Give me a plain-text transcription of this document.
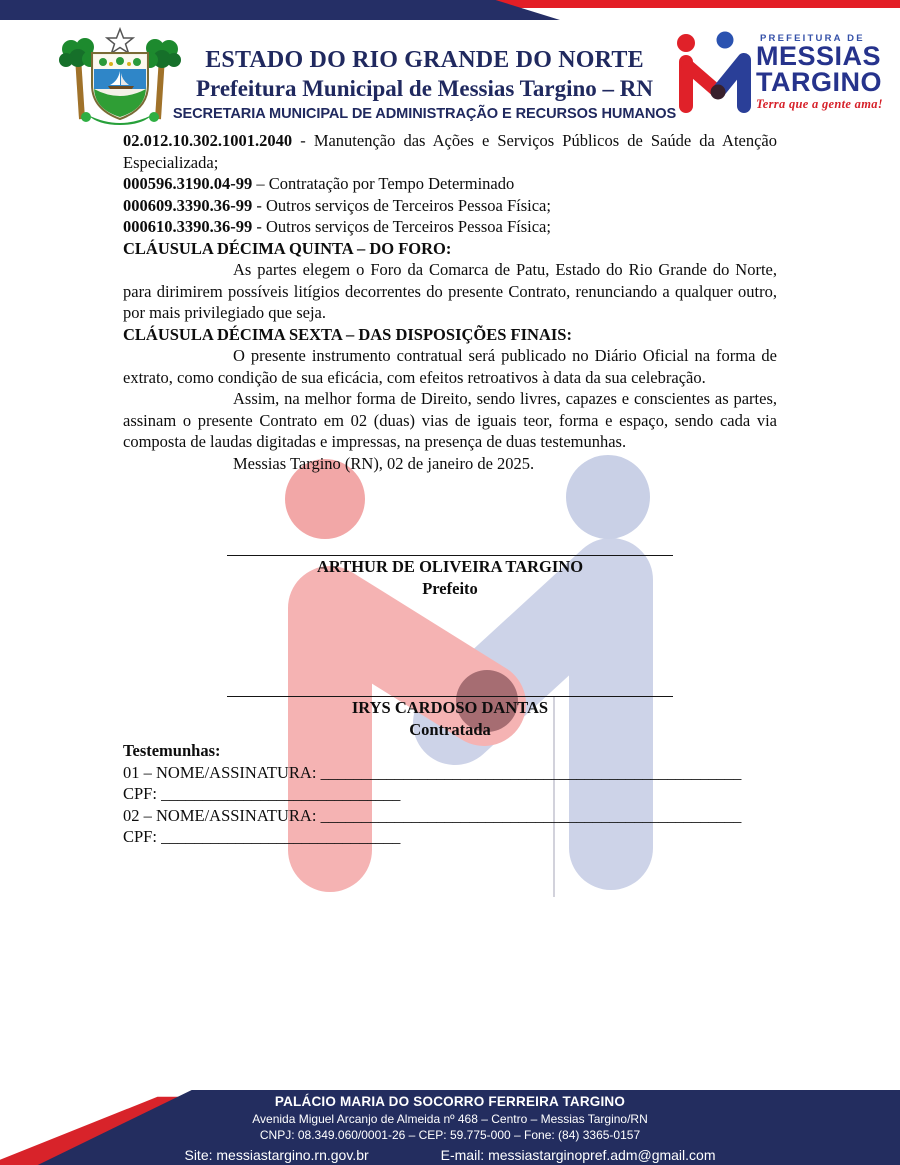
ESTADO DO RIO GRANDE DO NORTE
Prefeitura Municipal de Messias Targino – RN
SECRETARIA MUNICIPAL DE ADMINISTRAÇÃO E RECURSOS HUMANOS
PREFEITURA DE
MESSIAS
TARGINO
Terra que a gente ama!

02.012.10.302.1001.2040 - Manutenção das Ações e Serviços Públicos de Saúde da Atenção Especializada;

000596.3190.04-99 – Contratação por Tempo Determinado

000609.3390.36-99 - Outros serviços de Terceiros Pessoa Física;

000610.3390.36-99 - Outros serviços de Terceiros Pessoa Física;

CLÁUSULA DÉCIMA QUINTA – DO FORO:

As partes elegem o Foro da Comarca de Patu, Estado do Rio Grande do Norte, para dirimirem possíveis litígios decorrentes do presente Contrato, renunciando a qualquer outro, por mais privilegiado que seja.

CLÁUSULA DÉCIMA SEXTA – DAS DISPOSIÇÕES FINAIS:

O presente instrumento contratual será publicado no Diário Oficial na forma de extrato, como condição de sua eficácia, com efeitos retroativos à data da sua celebração.

Assim, na melhor forma de Direito, sendo livres, capazes e conscientes as partes, assinam o presente Contrato em 02 (duas) vias de iguais teor, forma e espaço, sendo cada via composta de laudas digitadas e impressas, na presença de duas testemunhas.

Messias Targino (RN), 02 de janeiro de 2025.

ARTHUR DE OLIVEIRA TARGINO

Prefeito

IRYS CARDOSO DANTAS

Contratada

Testemunhas:

01 – NOME/ASSINATURA: ___________________________________________________

CPF: _____________________________

02 – NOME/ASSINATURA: ___________________________________________________

CPF: _____________________________

PALÁCIO MARIA DO SOCORRO FERREIRA TARGINO
Avenida Miguel Arcanjo de Almeida nº 468 – Centro – Messias Targino/RN
CNPJ: 08.349.060/0001-26 – CEP: 59.775-000 – Fone: (84) 3365-0157
Site: messiastargino.rn.gov.br	E-mail: messiastarginopref.adm@gmail.com
